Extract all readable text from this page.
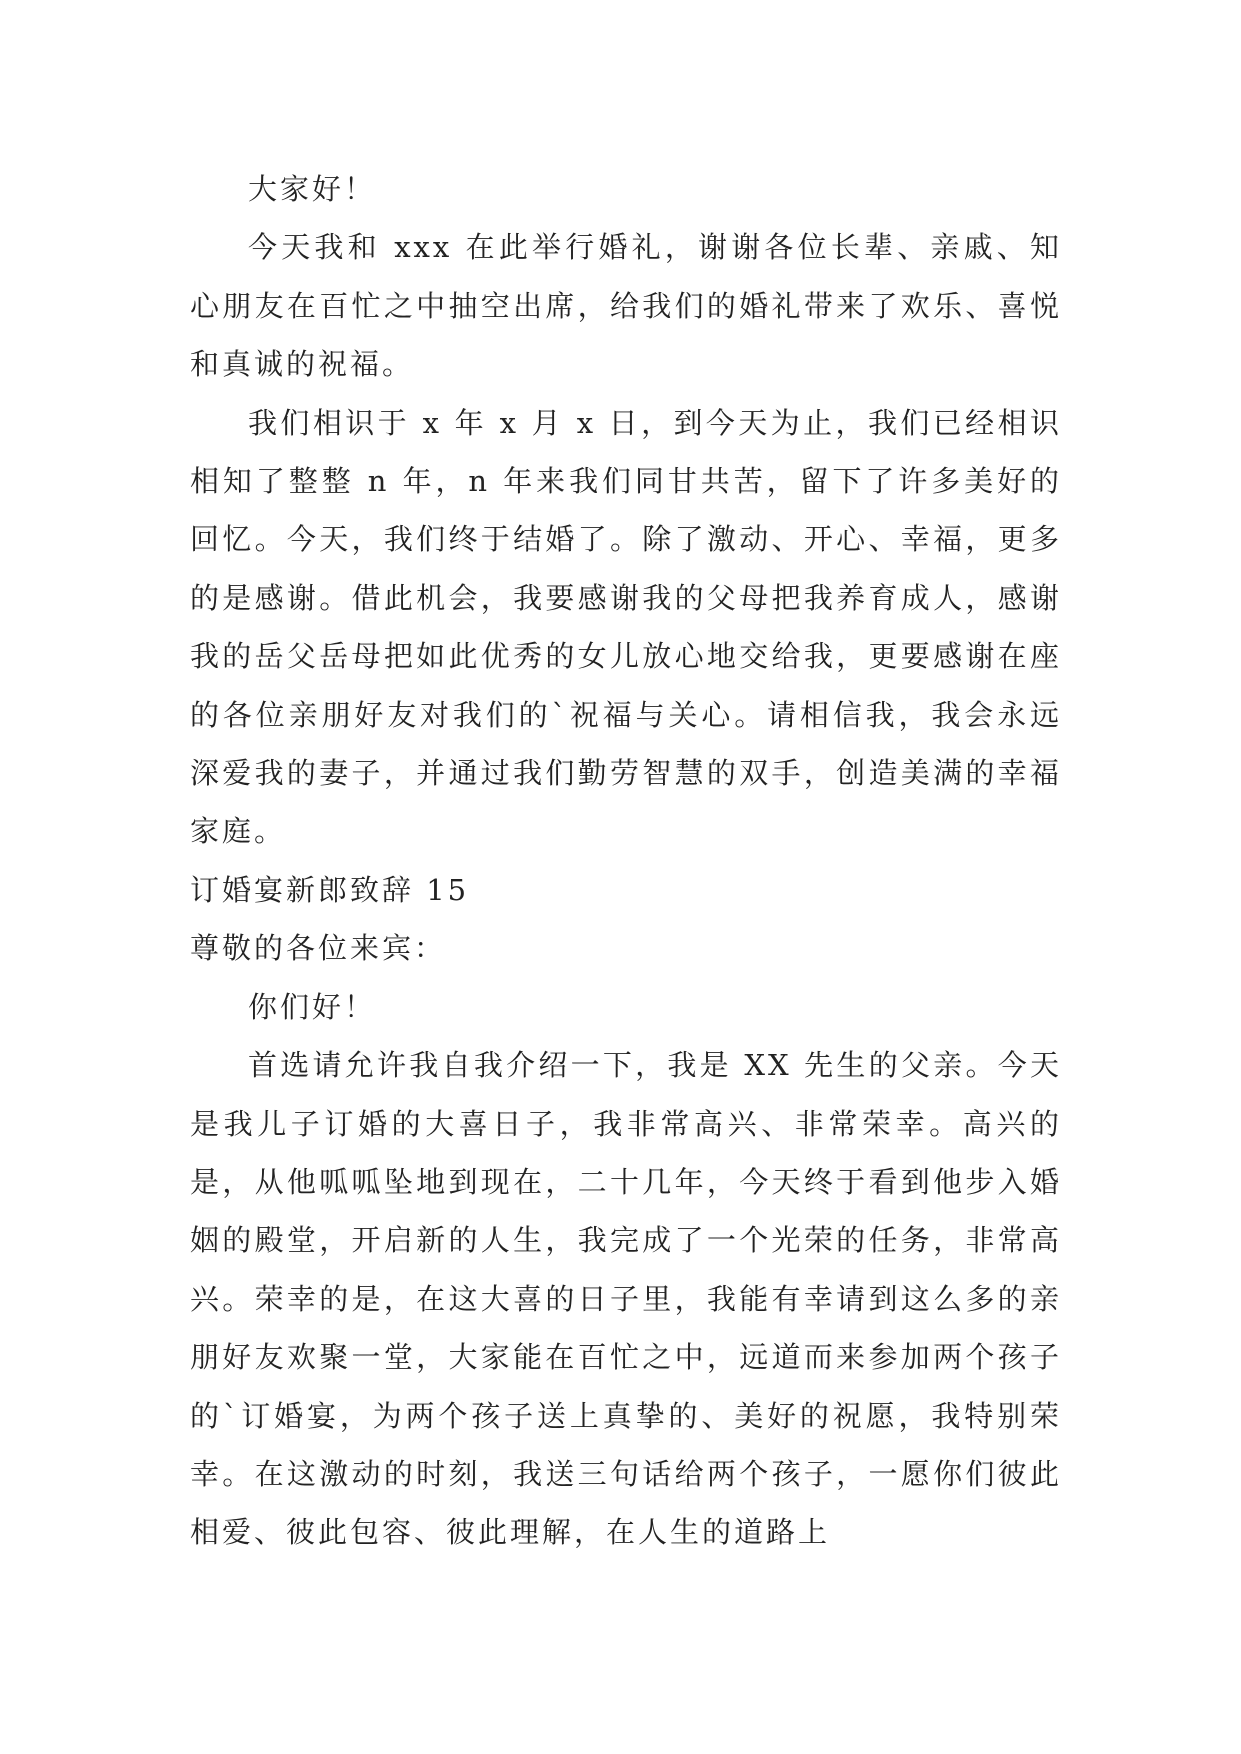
大家好！

今天我和 xxx 在此举行婚礼，谢谢各位长辈、亲戚、知心朋友在百忙之中抽空出席，给我们的婚礼带来了欢乐、喜悦和真诚的祝福。

我们相识于 x 年 x 月 x 日，到今天为止，我们已经相识相知了整整 n 年，n 年来我们同甘共苦，留下了许多美好的回忆。今天，我们终于结婚了。除了激动、开心、幸福，更多的是感谢。借此机会，我要感谢我的父母把我养育成人，感谢我的岳父岳母把如此优秀的女儿放心地交给我，更要感谢在座的各位亲朋好友对我们的`祝福与关心。请相信我，我会永远深爱我的妻子，并通过我们勤劳智慧的双手，创造美满的幸福家庭。

订婚宴新郎致辞 15

尊敬的各位来宾：

你们好！

首选请允许我自我介绍一下，我是 XX 先生的父亲。今天是我儿子订婚的大喜日子，我非常高兴、非常荣幸。高兴的是，从他呱呱坠地到现在，二十几年，今天终于看到他步入婚姻的殿堂，开启新的人生，我完成了一个光荣的任务，非常高兴。荣幸的是，在这大喜的日子里，我能有幸请到这么多的亲朋好友欢聚一堂，大家能在百忙之中，远道而来参加两个孩子的`订婚宴，为两个孩子送上真挚的、美好的祝愿，我特别荣幸。在这激动的时刻，我送三句话给两个孩子，一愿你们彼此相爱、彼此包容、彼此理解，在人生的道路上
